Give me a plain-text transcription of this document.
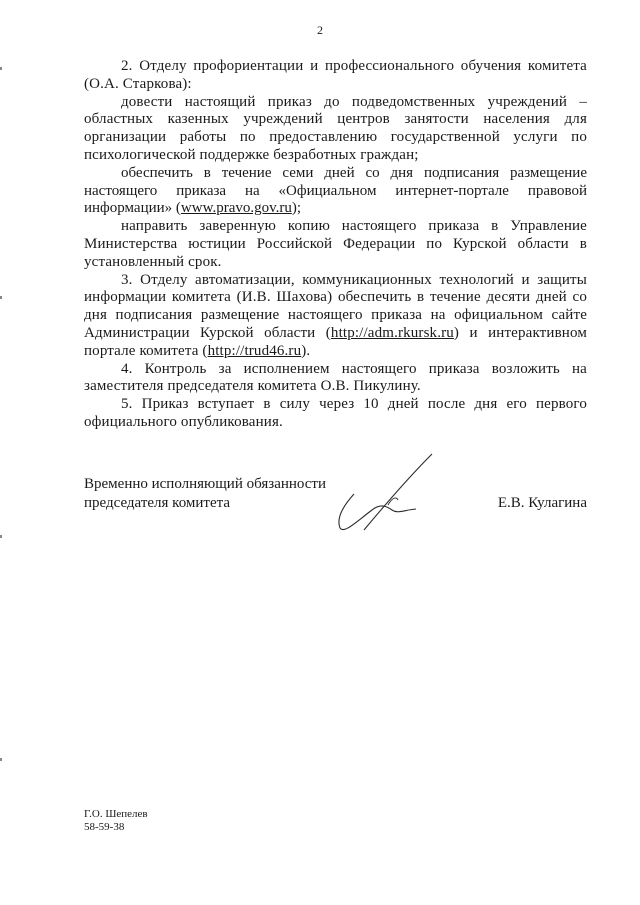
2

2. Отделу профориентации и профессионального обучения комитета (О.А. Старкова):

довести настоящий приказ до подведомственных учреждений – областных казенных учреждений центров занятости населения для организации работы по предоставлению государственной услуги по психологической поддержке безработных граждан;

обеспечить в течение семи дней со дня подписания размещение настоящего приказа на «Официальном интернет-портале правовой информации» (www.pravo.gov.ru);

направить заверенную копию настоящего приказа в Управление Министерства юстиции Российской Федерации по Курской области в установленный срок.

3. Отделу автоматизации, коммуникационных технологий и защиты информации комитета (И.В. Шахова) обеспечить в течение десяти дней со дня подписания размещение настоящего приказа на официальном сайте Администрации Курской области (http://adm.rkursk.ru) и интерактивном портале комитета (http://trud46.ru).

4. Контроль за исполнением настоящего приказа возложить на заместителя председателя комитета О.В. Пикулину.

5. Приказ вступает в силу через 10 дней после дня его первого официального опубликования.

Временно исполняющий обязанности
председателя комитета	Е.В. Кулагина
Г.О. Шепелев
58-59-38
